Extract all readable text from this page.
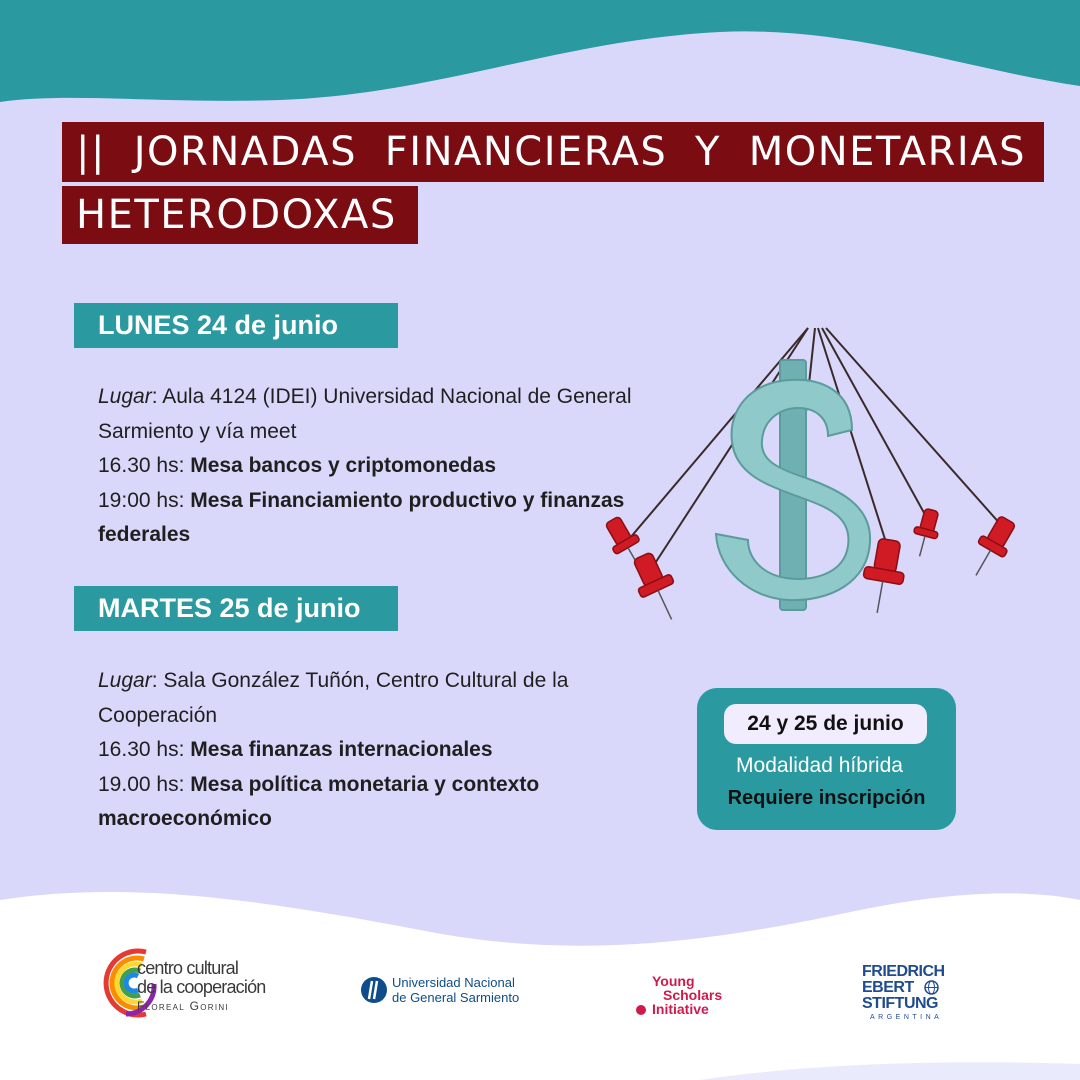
|| JORNADAS FINANCIERAS Y MONETARIAS
HETERODOXAS
LUNES 24 de junio
Lugar: Aula 4124 (IDEI) Universidad Nacional de General Sarmiento y vía meet
16.30 hs: Mesa bancos y criptomonedas
19:00 hs: Mesa Financiamiento productivo y finanzas federales
MARTES 25 de junio
Lugar: Sala González Tuñón, Centro Cultural de la Cooperación
16.30 hs: Mesa finanzas internacionales
19.00 hs: Mesa política monetaria y contexto macroeconómico
24 y 25 de junio
Modalidad híbrida
Requiere inscripción
centro cultural
de la cooperación
Floreal Gorini
Universidad Nacional
de General Sarmiento
Young
Scholars
Initiative
FRIEDRICH
EBERT
STIFTUNG
ARGENTINA
